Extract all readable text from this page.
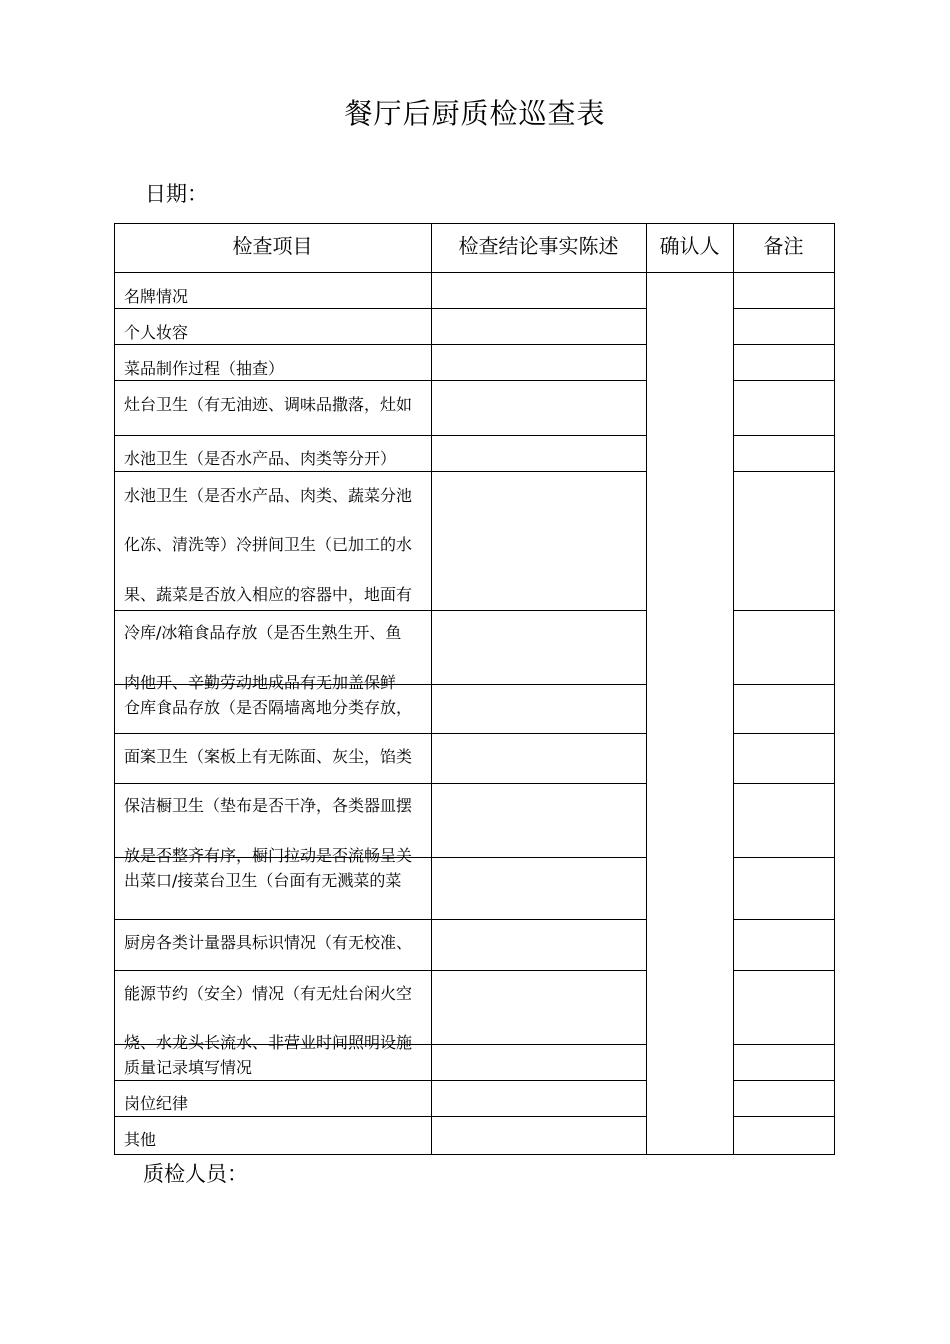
餐厅后厨质检巡查表
日期：
检查项目	检查结论事实陈述	确认人	备注
名牌情况
个人妆容
菜品制作过程（抽查）
灶台卫生（有无油迹、调味品撒落，灶如
水池卫生（是否水产品、肉类等分开）
水池卫生（是否水产品、肉类、蔬菜分池
化冻、清洗等）冷拼间卫生（已加工的水
果、蔬菜是否放入相应的容器中，地面有
冷库/冰箱食品存放（是否生熟生开、鱼
肉他开、辛勤劳动地成品有无加盖保鲜
仓库食品存放（是否隔墙离地分类存放，
面案卫生（案板上有无陈面、灰尘，馅类
保洁橱卫生（垫布是否干净，各类器皿摆
放是否整齐有序，橱门拉动是否流畅呈关
出菜口/接菜台卫生（台面有无溅菜的菜
厨房各类计量器具标识情况（有无校准、
能源节约（安全）情况（有无灶台闲火空
烧、水龙头长流水、非营业时间照明设施
质量记录填写情况
岗位纪律
其他
质检人员：
